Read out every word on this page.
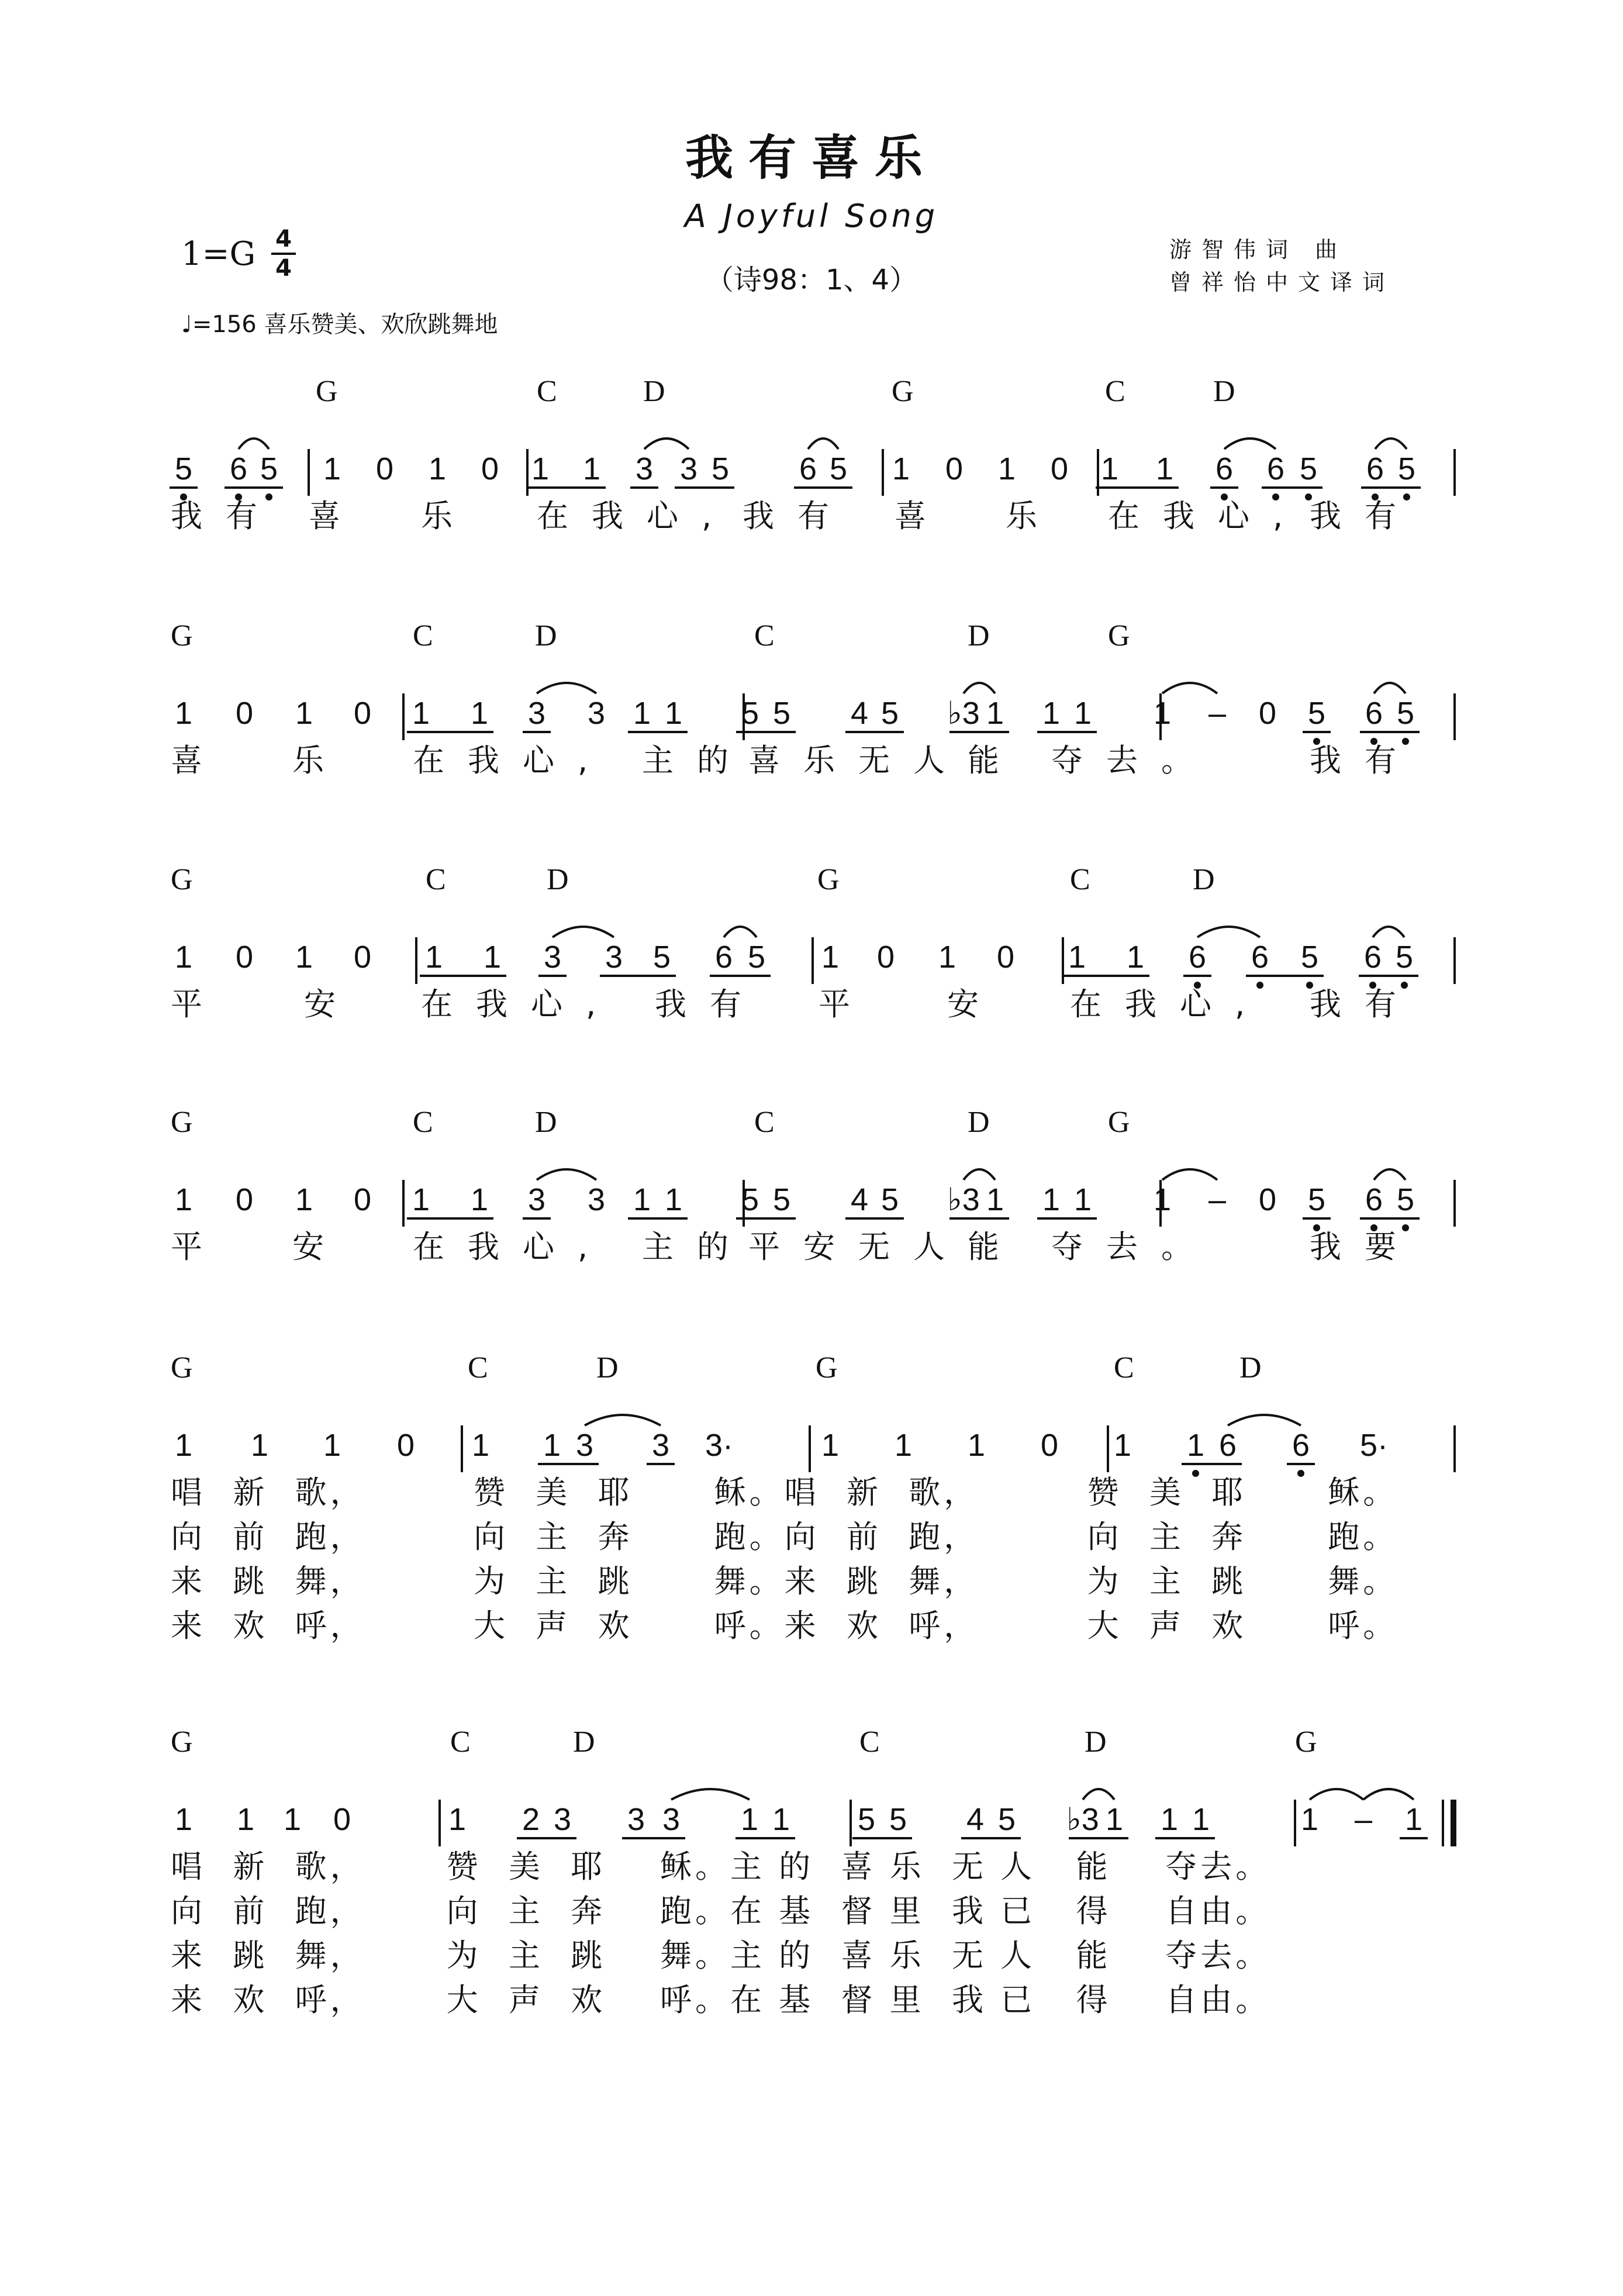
我有喜乐
A Joyful Song
（诗98：1、4）
1=G 4
4
♩=156 喜乐赞美、欢欣跳舞地
游智伟词 曲
曾祥怡中文译词
G	C	D	G	C	D
5 6 5 1 0 1 0 1 1 3 3 5 6 5 1 0 1 0 1 1 6 6 5 6 5
我有 喜 乐 在我心, 我有 喜 乐 在我心, 我有
G	C	D	C	D	G
1 0 1 0 1 1 3 3 1 1 5 5 4 5 ♭3 1 1 1 1 – 0 5 6 5
喜 乐 在我心, 主的
喜乐无人 能 夺去。	我有
G	C	D	G	C	D
1 0 1 0 1 1 3 3 5 6 5 1 0 1 0 1 1 6 6 5 6 5
平 安 在我心, 我有 平 安 在我心, 我有
G	C	D	C	D	G
1 0 1 0 1 1 3 3 1 1 5 5 4 5 ♭3 1 1 1 1 – 0 5 6 5
平 安 在我心, 主的
平安无人 能 夺去。	我要
G	C	D	G	C	D
1 1 1 0 1 1 3 3 3·	1 1 1 0 1 1 6 6 5·
唱  新  歌，        赞  美  耶      稣。唱  新  歌，        赞  美  耶      稣。
向  前  跑，        向  主  奔      跑。向  前  跑，        向  主  奔      跑。
来  跳  舞，        为  主  跳      舞。来  跳  舞，        为  主  跳      舞。
来  欢  呼，        大  声  欢      呼。来  欢  呼，        大  声  欢      呼。
G	C	D	C	D	G
1 1 1 0	1 2 3 3 3 1 1 5 5 4 5 ♭3 1 1 1	1 – 1
唱  新  歌，      赞  美  耶    稣。主 的  喜 乐  无 人   能    夺去。
向  前  跑，      向  主  奔    跑。在 基  督 里  我 已   得    自由。
来  跳  舞，      为  主  跳    舞。主 的  喜 乐  无 人   能    夺去。
来  欢  呼，      大  声  欢    呼。在 基  督 里  我 已   得    自由。
